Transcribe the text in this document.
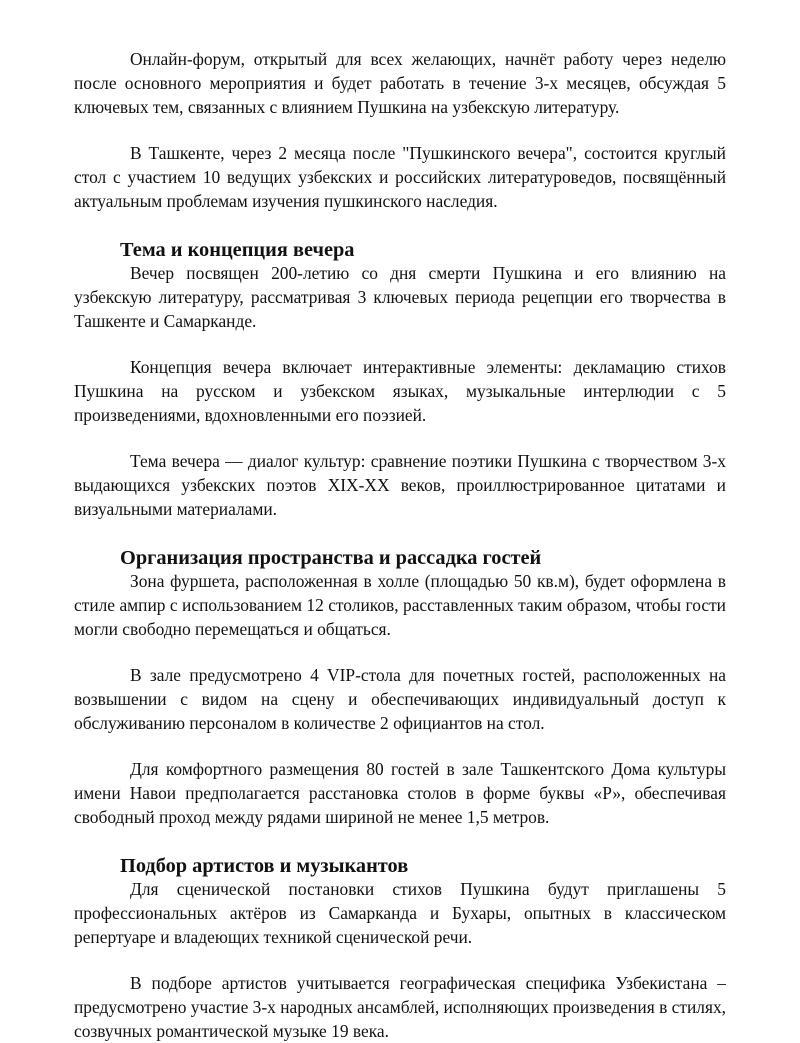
Онлайн-форум, открытый для всех желающих, начнёт работу через неделю после основного мероприятия и будет работать в течение 3-х месяцев, обсуждая 5 ключевых тем, связанных с влиянием Пушкина на узбекскую литературу.

В Ташкенте, через 2 месяца после "Пушкинского вечера", состоится круглый стол с участием 10 ведущих узбекских и российских литературоведов, посвящённый актуальным проблемам изучения пушкинского наследия.

Тема и концепция вечера

Вечер посвящен 200-летию со дня смерти Пушкина и его влиянию на узбекскую литературу, рассматривая 3 ключевых периода рецепции его творчества в Ташкенте и Самарканде.

Концепция вечера включает интерактивные элементы: декламацию стихов Пушкина на русском и узбекском языках, музыкальные интерлюдии с 5 произведениями, вдохновленными его поэзией.

Тема вечера — диалог культур: сравнение поэтики Пушкина с творчеством 3-х выдающихся узбекских поэтов XIX-XX веков, проиллюстрированное цитатами и визуальными материалами.

Организация пространства и рассадка гостей

Зона фуршета, расположенная в холле (площадью 50 кв.м), будет оформлена в стиле ампир с использованием 12 столиков, расставленных таким образом, чтобы гости могли свободно перемещаться и общаться.

В зале предусмотрено 4 VIP-стола для почетных гостей, расположенных на возвышении с видом на сцену и обеспечивающих индивидуальный доступ к обслуживанию персоналом в количестве 2 официантов на стол.

Для комфортного размещения 80 гостей в зале Ташкентского Дома культуры имени Навои предполагается расстановка столов в форме буквы «Р», обеспечивая свободный проход между рядами шириной не менее 1,5 метров.

Подбор артистов и музыкантов

Для сценической постановки стихов Пушкина будут приглашены 5 профессиональных актёров из Самарканда и Бухары, опытных в классическом репертуаре и владеющих техникой сценической речи.

В подборе артистов учитывается географическая специфика Узбекистана – предусмотрено участие 3-х народных ансамблей, исполняющих произведения в стилях, созвучных романтической музыке 19 века.
